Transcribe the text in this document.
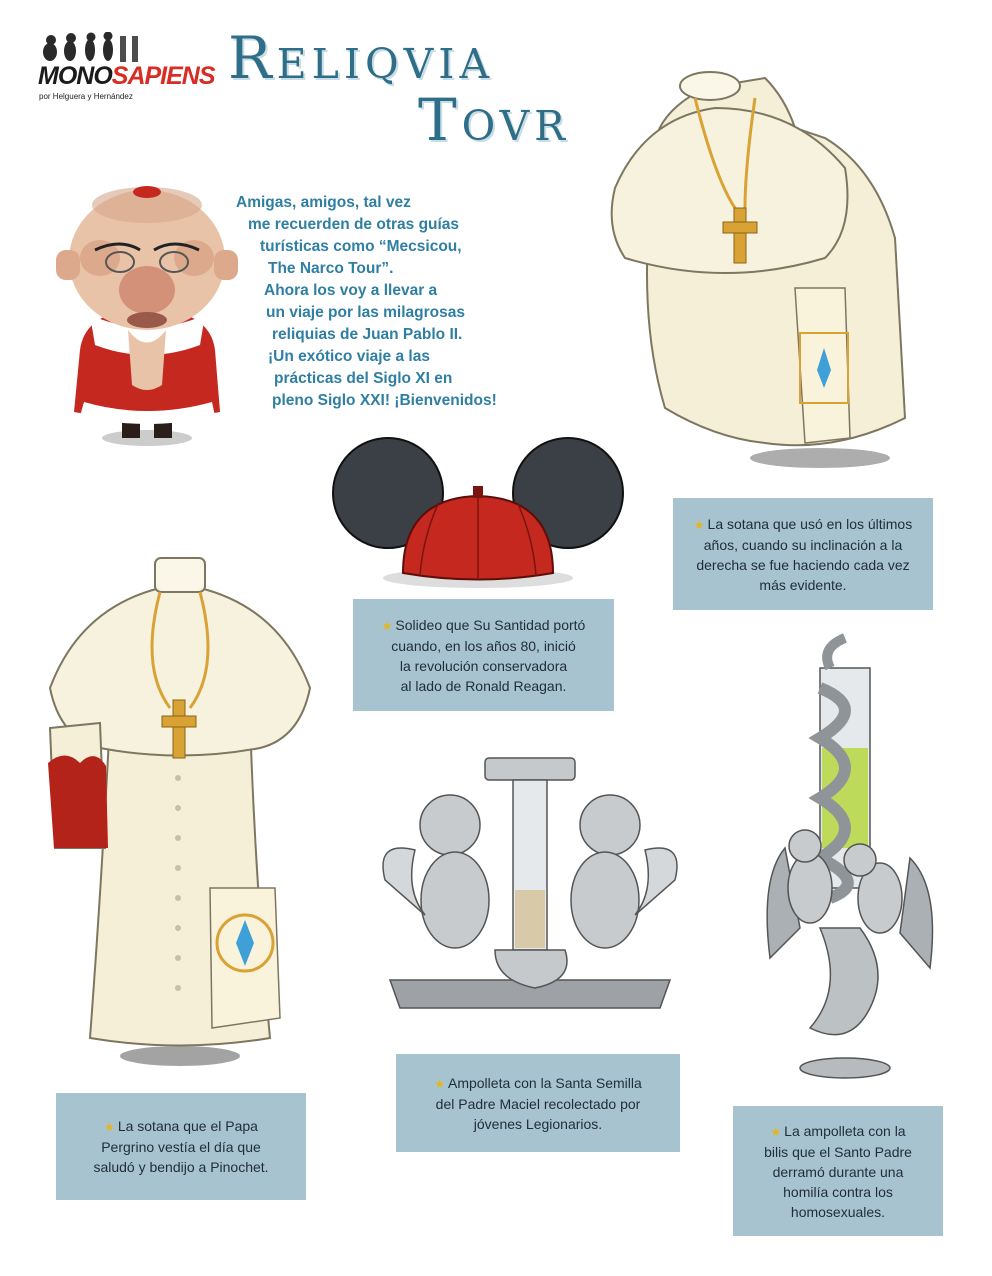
MONOSAPIENS
por Helguera y Hernández
Reliqvia
Tovr
Amigas, amigos, tal vez
me recuerden de otras guías
turísticas como “Mecsicou,
The Narco Tour”.
Ahora los voy a llevar a
un viaje por las milagrosas
reliquias de Juan Pablo II.
¡Un exótico viaje a las
prácticas del Siglo XI en
pleno Siglo XXI! ¡Bienvenidos!
★ La sotana que usó en los últimos
años, cuando su inclinación a la
derecha se fue haciendo cada vez
más evidente.
★ Solideo que Su Santidad portó
cuando, en los años 80, inició
la revolución conservadora
al lado de Ronald Reagan.
★ La sotana que el Papa
Pergrino vestía el día que
saludó y bendijo a Pinochet.
★ Ampolleta con la Santa Semilla
del Padre Maciel recolectado por
jóvenes Legionarios.	★ La ampolleta con la
bilis que el Santo Padre
derramó durante una
homilía contra los
homosexuales.
